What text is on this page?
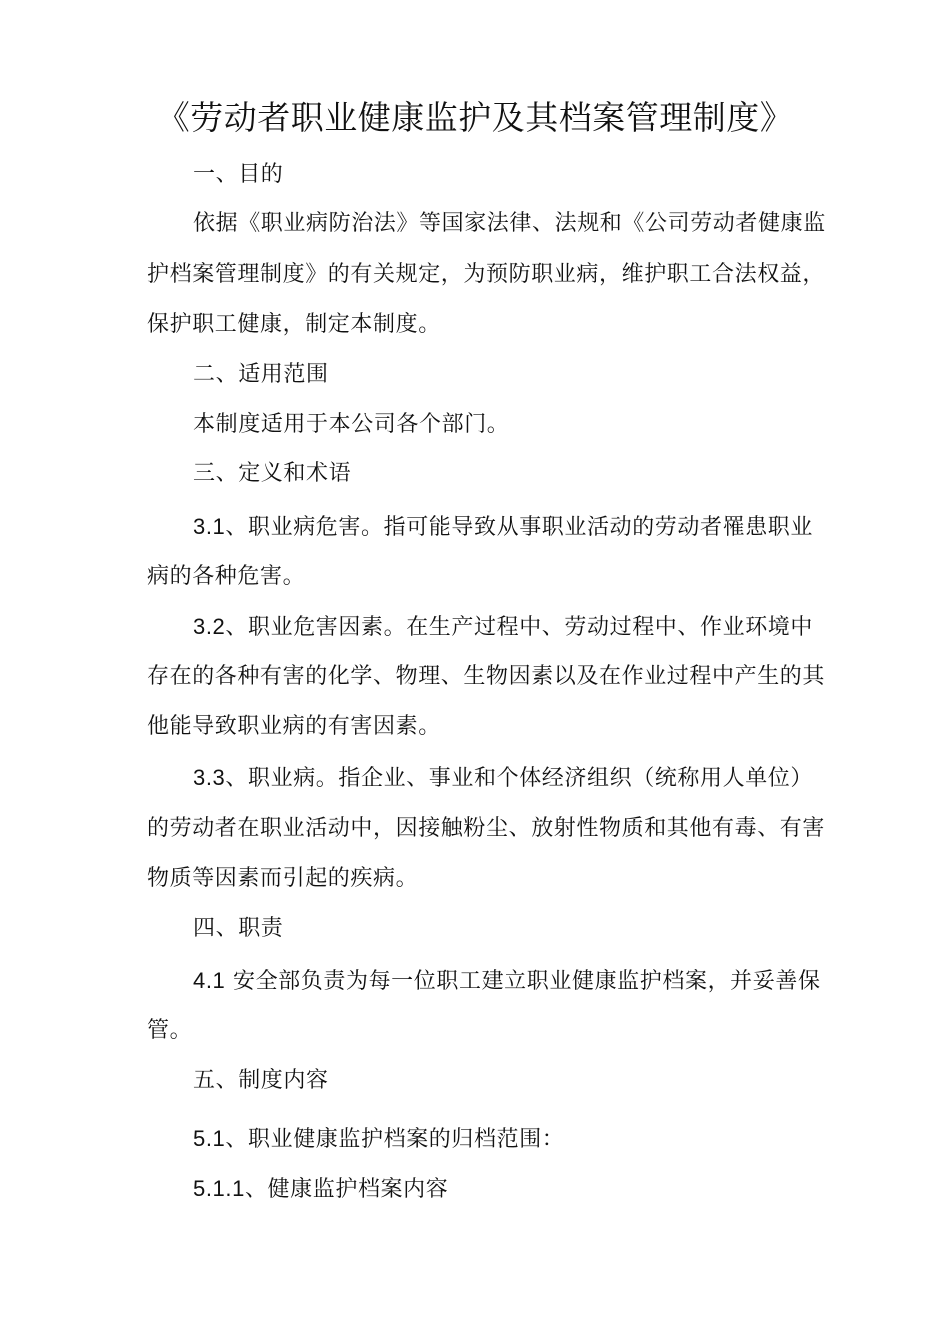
《劳动者职业健康监护及其档案管理制度》
一、目的
依据《职业病防治法》等国家法律、法规和《公司劳动者健康监
护档案管理制度》的有关规定，为预防职业病，维护职工合法权益，
保护职工健康，制定本制度。
二、适用范围
本制度适用于本公司各个部门。
三、定义和术语
3.1、职业病危害。指可能导致从事职业活动的劳动者罹患职业
病的各种危害。
3.2、职业危害因素。在生产过程中、劳动过程中、作业环境中
存在的各种有害的化学、物理、生物因素以及在作业过程中产生的其
他能导致职业病的有害因素。
3.3、职业病。指企业、事业和个体经济组织（统称用人单位）
的劳动者在职业活动中，因接触粉尘、放射性物质和其他有毒、有害
物质等因素而引起的疾病。
四、职责
4.1 安全部负责为每一位职工建立职业健康监护档案，并妥善保
管。
五、制度内容
5.1、职业健康监护档案的归档范围：
5.1.1、健康监护档案内容
